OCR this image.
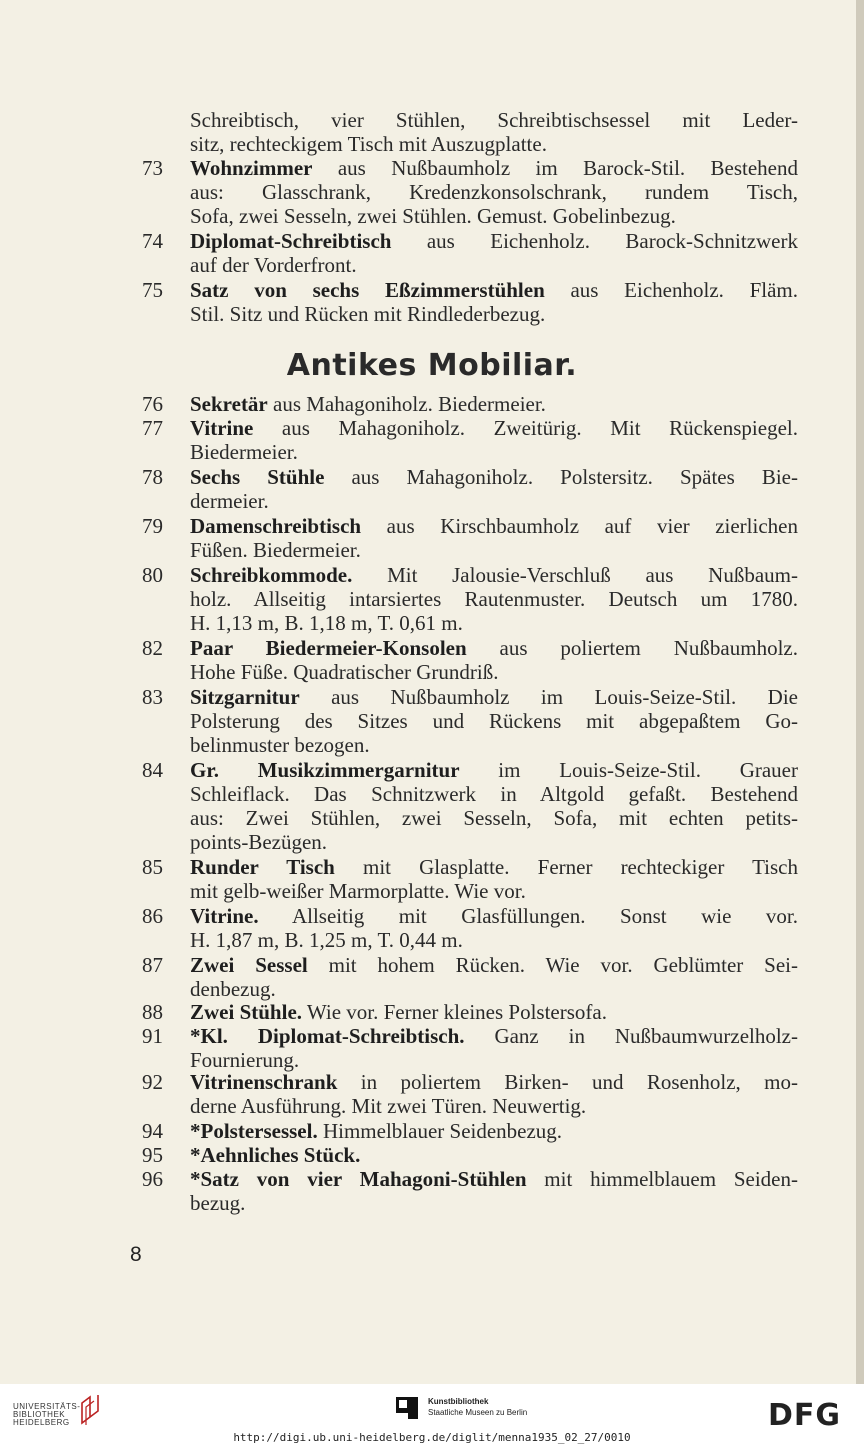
Schreibtisch, vier Stühlen, Schreibtischsessel mit Leder-
sitz, rechteckigem Tisch mit Auszugplatte.
Antikes Mobiliar.
73	Wohnzimmer aus Nußbaumholz im Barock-Stil. Bestehend
aus: Glasschrank, Kredenzkonsolschrank, rundem Tisch,
Sofa, zwei Sesseln, zwei Stühlen. Gemust. Gobelinbezug.
74	Diplomat-Schreibtisch aus Eichenholz. Barock-Schnitzwerk
auf der Vorderfront.
75	Satz von sechs Eßzimmerstühlen aus Eichenholz. Fläm.
Stil. Sitz und Rücken mit Rindlederbezug.
76	Sekretär aus Mahagoniholz. Biedermeier.
77	Vitrine aus Mahagoniholz. Zweitürig. Mit Rückenspiegel.
Biedermeier.
78	Sechs Stühle aus Mahagoniholz. Polstersitz. Spätes Bie-
dermeier.
79	Damenschreibtisch aus Kirschbaumholz auf vier zierlichen
Füßen. Biedermeier.
80	Schreibkommode. Mit Jalousie-Verschluß aus Nußbaum-
holz. Allseitig intarsiertes Rautenmuster. Deutsch um 1780.
H. 1,13 m, B. 1,18 m, T. 0,61 m.
82	Paar Biedermeier-Konsolen aus poliertem Nußbaumholz.
Hohe Füße. Quadratischer Grundriß.
83	Sitzgarnitur aus Nußbaumholz im Louis-Seize-Stil. Die
Polsterung des Sitzes und Rückens mit abgepaßtem Go-
belinmuster bezogen.
84	Gr. Musikzimmergarnitur im Louis-Seize-Stil. Grauer
Schleiflack. Das Schnitzwerk in Altgold gefaßt. Bestehend
aus: Zwei Stühlen, zwei Sesseln, Sofa, mit echten petits-
points-Bezügen.
85	Runder Tisch mit Glasplatte. Ferner rechteckiger Tisch
mit gelb-weißer Marmorplatte. Wie vor.
86	Vitrine. Allseitig mit Glasfüllungen. Sonst wie vor.
H. 1,87 m, B. 1,25 m, T. 0,44 m.
87	Zwei Sessel mit hohem Rücken. Wie vor. Geblümter Sei-
denbezug.
88	Zwei Stühle. Wie vor. Ferner kleines Polstersofa.
91	*Kl. Diplomat-Schreibtisch. Ganz in Nußbaumwurzelholz-
Fournierung.
92	Vitrinenschrank in poliertem Birken- und Rosenholz, mo-
derne Ausführung. Mit zwei Türen. Neuwertig.
94	*Polstersessel. Himmelblauer Seidenbezug.
95	*Aehnliches Stück.
96	*Satz von vier Mahagoni-Stühlen mit himmelblauem Seiden-
bezug.
8
UNIVERSITÄTS-
BIBLIOTHEK
HEIDELBERG
Kunstbibliothek
Staatliche Museen zu Berlin	DFG
http://digi.ub.uni-heidelberg.de/diglit/menna1935_02_27/0010
